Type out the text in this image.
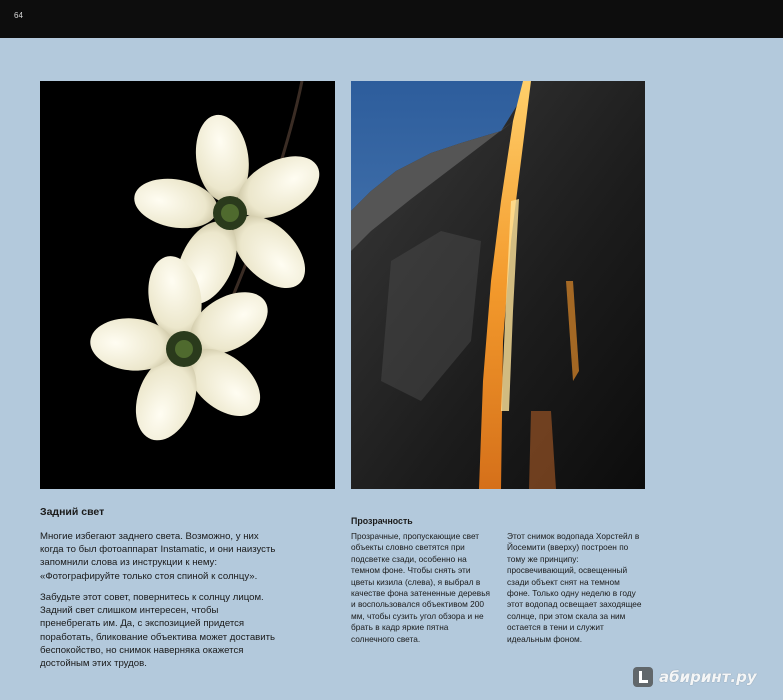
64
Задний свет
Многие избегают заднего света. Возможно, у них когда то был фотоаппарат Instamatic, и они наизусть запомнили слова из инструкции к нему: «Фотографируйте только стоя спиной к солнцу».
Забудьте этот совет, повернитесь к солнцу лицом. Задний свет слишком интересен, чтобы пренебрегать им. Да, с экспозицией придется поработать, бликование объектива может доставить беспокойство, но снимок наверняка окажется достойным этих трудов.
Прозрачность
Прозрачные, пропускающие свет объекты словно светятся при подсветке сзади, особенно на темном фоне. Чтобы снять эти цветы кизила (слева), я выбрал в качестве фона затененные деревья и воспользовался объективом 200 мм, чтобы сузить угол обзора и не брать в кадр яркие пятна солнечного света.
Этот снимок водопада Хорстейл в Йосемити (вверху) построен по тому же принципу: просвечивающий, освещенный сзади объект снят на темном фоне. Только одну неделю в году этот водопад освещает заходящее солнце, при этом скала за ним остается в тени и служит идеальным фоном.
абиринт.ру
